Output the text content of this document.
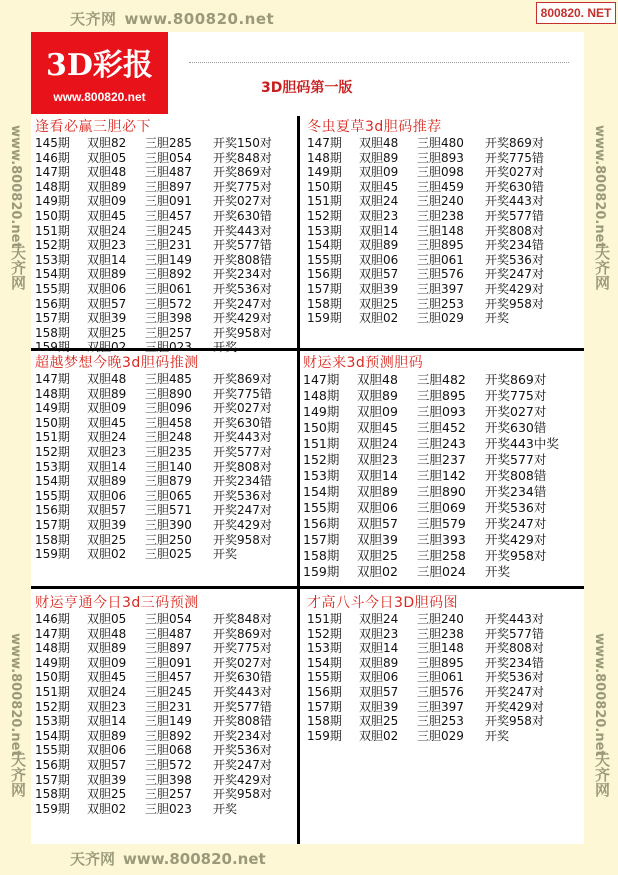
天齐网 www.800820.net	800820. NET
天齐网 www.800820.net
www.800820.net
天齐网
www.800820.net
天齐网
www.800820.net
天齐网
www.800820.net
天齐网
3D彩报
www.800820.net
3D胆码第一版
逢看必赢三胆必下
145期	双胆82	三胆285	开奖150对
146期	双胆05	三胆054	开奖848对
147期	双胆48	三胆487	开奖869对
148期	双胆89	三胆897	开奖775对
149期	双胆09	三胆091	开奖027对
150期	双胆45	三胆457	开奖630错
151期	双胆24	三胆245	开奖443对
152期	双胆23	三胆231	开奖577错
153期	双胆14	三胆149	开奖808错
154期	双胆89	三胆892	开奖234对
155期	双胆06	三胆061	开奖536对
156期	双胆57	三胆572	开奖247对
157期	双胆39	三胆398	开奖429对
158期	双胆25	三胆257	开奖958对
159期	双胆02	三胆023	开奖
冬虫夏草3d胆码推荐
147期	双胆48	三胆480	开奖869对
148期	双胆89	三胆893	开奖775错
149期	双胆09	三胆098	开奖027对
150期	双胆45	三胆459	开奖630错
151期	双胆24	三胆240	开奖443对
152期	双胆23	三胆238	开奖577错
153期	双胆14	三胆148	开奖808对
154期	双胆89	三胆895	开奖234错
155期	双胆06	三胆061	开奖536对
156期	双胆57	三胆576	开奖247对
157期	双胆39	三胆397	开奖429对
158期	双胆25	三胆253	开奖958对
159期	双胆02	三胆029	开奖
超越梦想今晚3d胆码推测
147期	双胆48	三胆485	开奖869对
148期	双胆89	三胆890	开奖775错
149期	双胆09	三胆096	开奖027对
150期	双胆45	三胆458	开奖630错
151期	双胆24	三胆248	开奖443对
152期	双胆23	三胆235	开奖577对
153期	双胆14	三胆140	开奖808对
154期	双胆89	三胆879	开奖234错
155期	双胆06	三胆065	开奖536对
156期	双胆57	三胆571	开奖247对
157期	双胆39	三胆390	开奖429对
158期	双胆25	三胆250	开奖958对
159期	双胆02	三胆025	开奖
财运来3d预测胆码
147期	双胆48	三胆482	开奖869对
148期	双胆89	三胆895	开奖775对
149期	双胆09	三胆093	开奖027对
150期	双胆45	三胆452	开奖630错
151期	双胆24	三胆243	开奖443中奖
152期	双胆23	三胆237	开奖577对
153期	双胆14	三胆142	开奖808错
154期	双胆89	三胆890	开奖234错
155期	双胆06	三胆069	开奖536对
156期	双胆57	三胆579	开奖247对
157期	双胆39	三胆393	开奖429对
158期	双胆25	三胆258	开奖958对
159期	双胆02	三胆024	开奖
财运亨通今日3d三码预测
146期	双胆05	三胆054	开奖848对
147期	双胆48	三胆487	开奖869对
148期	双胆89	三胆897	开奖775对
149期	双胆09	三胆091	开奖027对
150期	双胆45	三胆457	开奖630错
151期	双胆24	三胆245	开奖443对
152期	双胆23	三胆231	开奖577错
153期	双胆14	三胆149	开奖808错
154期	双胆89	三胆892	开奖234对
155期	双胆06	三胆068	开奖536对
156期	双胆57	三胆572	开奖247对
157期	双胆39	三胆398	开奖429对
158期	双胆25	三胆257	开奖958对
159期	双胆02	三胆023	开奖
才高八斗今日3D胆码图
151期	双胆24	三胆240	开奖443对
152期	双胆23	三胆238	开奖577错
153期	双胆14	三胆148	开奖808对
154期	双胆89	三胆895	开奖234错
155期	双胆06	三胆061	开奖536对
156期	双胆57	三胆576	开奖247对
157期	双胆39	三胆397	开奖429对
158期	双胆25	三胆253	开奖958对
159期	双胆02	三胆029	开奖
